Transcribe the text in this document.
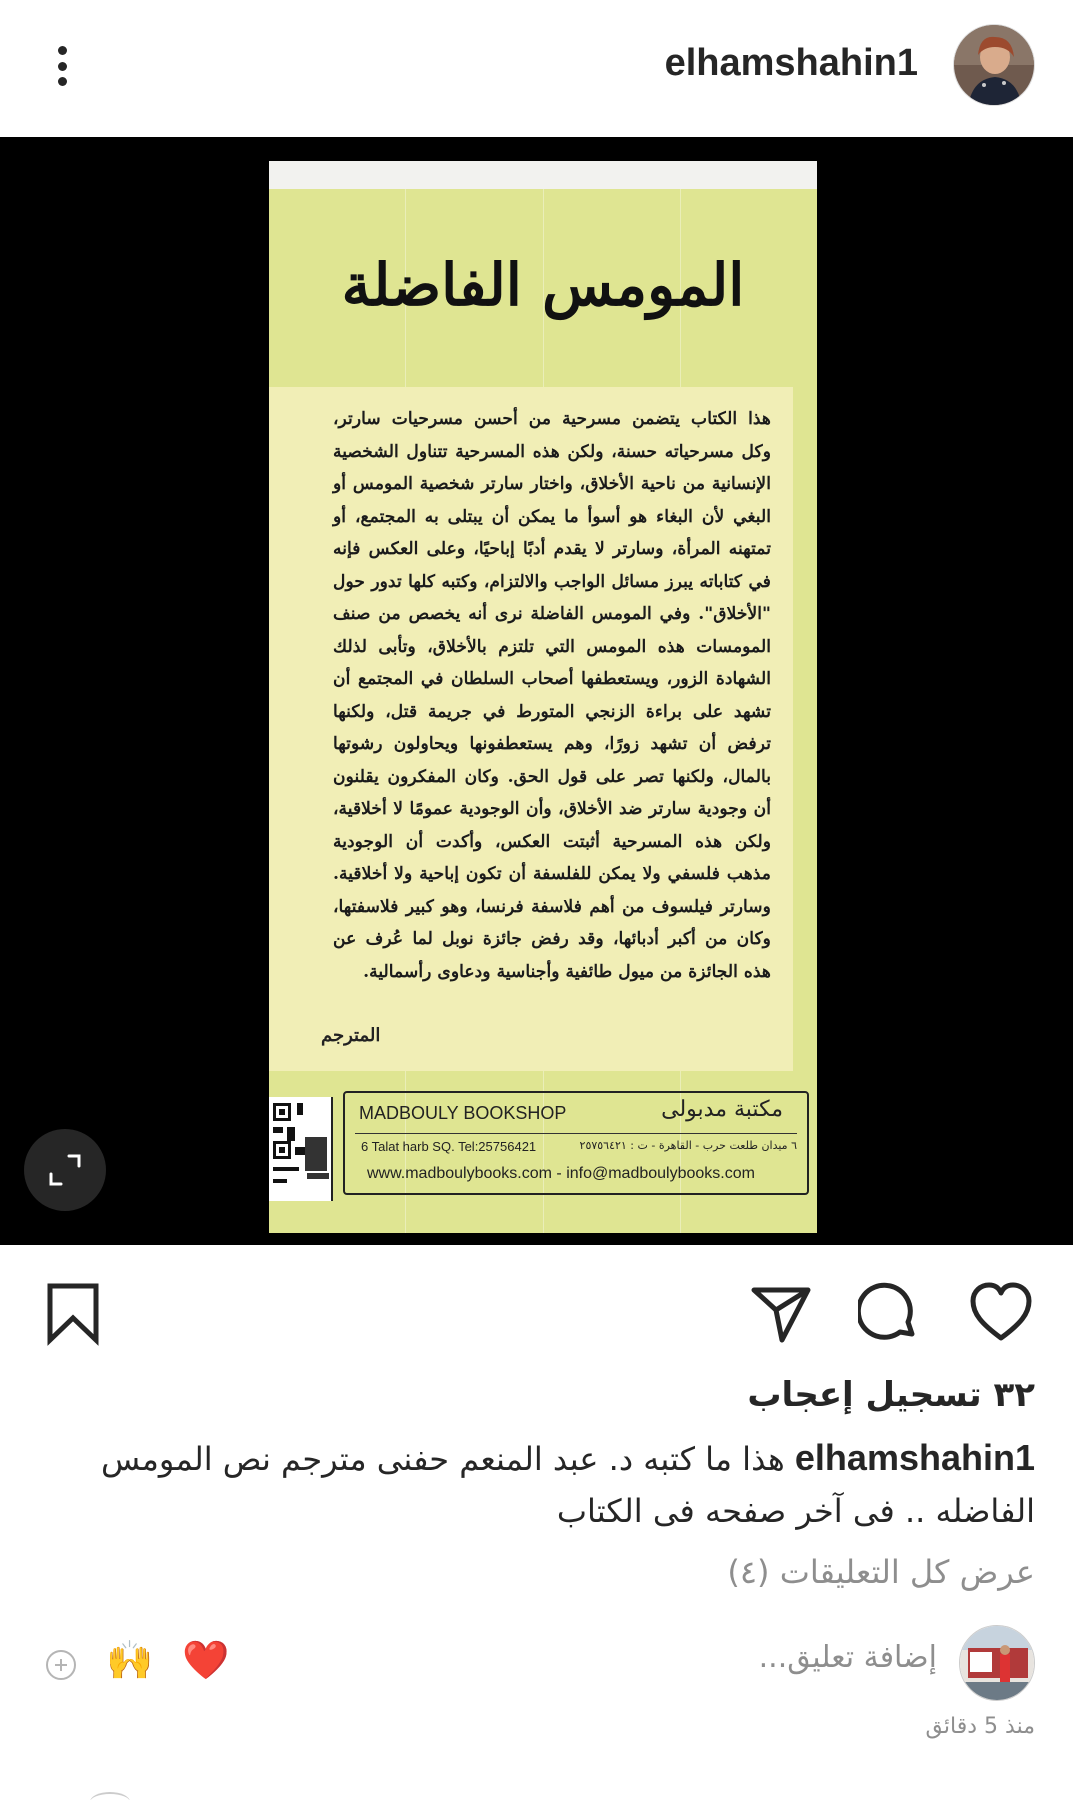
elhamshahin1
المومس الفاضلة
هذا الكتاب يتضمن مسرحية من أحسن مسرحيات سارتر، وكل مسرحياته حسنة، ولكن هذه المسرحية تتناول الشخصية الإنسانية من ناحية الأخلاق، واختار سارتر شخصية المومس أو البغي لأن البغاء هو أسوأ ما يمكن أن يبتلى به المجتمع، أو تمتهنه المرأة، وسارتر لا يقدم أدبًا إباحيًا، وعلى العكس فإنه في كتاباته يبرز مسائل الواجب والالتزام، وكتبه كلها تدور حول "الأخلاق". وفي المومس الفاضلة نرى أنه يخصص من صنف المومسات هذه المومس التي تلتزم بالأخلاق، وتأبى لذلك الشهادة الزور، ويستعطفها أصحاب السلطان في المجتمع أن تشهد على براءة الزنجي المتورط في جريمة قتل، ولكنها ترفض أن تشهد زورًا، وهم يستعطفونها ويحاولون رشوتها بالمال، ولكنها تصر على قول الحق. وكان المفكرون يقلنون أن وجودية سارتر ضد الأخلاق، وأن الوجودية عمومًا لا أخلاقية، ولكن هذه المسرحية أثبتت العكس، وأكدت أن الوجودية مذهب فلسفي ولا يمكن للفلسفة أن تكون إباحية ولا أخلاقية. وسارتر فيلسوف من أهم فلاسفة فرنسا، وهو كبير فلاسفتها، وكان من أكبر أدبائها، وقد رفض جائزة نوبل لما عُرف عن هذه الجائزة من ميول طائفية وأجناسية ودعاوى رأسمالية.
المترجم
MADBOULY BOOKSHOP	مكتبة مدبولى
6 Talat harb SQ. Tel:25756421	٦ ميدان طلعت حرب - القاهرة - ت : ٢٥٧٥٦٤٢١
www.madboulybooks.com - info@madboulybooks.com
٣٢ تسجيل إعجاب
elhamshahin1 هذا ما كتبه د. عبد المنعم حفنى مترجم نص المومس الفاضله .. فى آخر صفحه فى الكتاب
عرض كل التعليقات (٤)
إضافة تعليق...
❤️
🙌
منذ 5 دقائق
